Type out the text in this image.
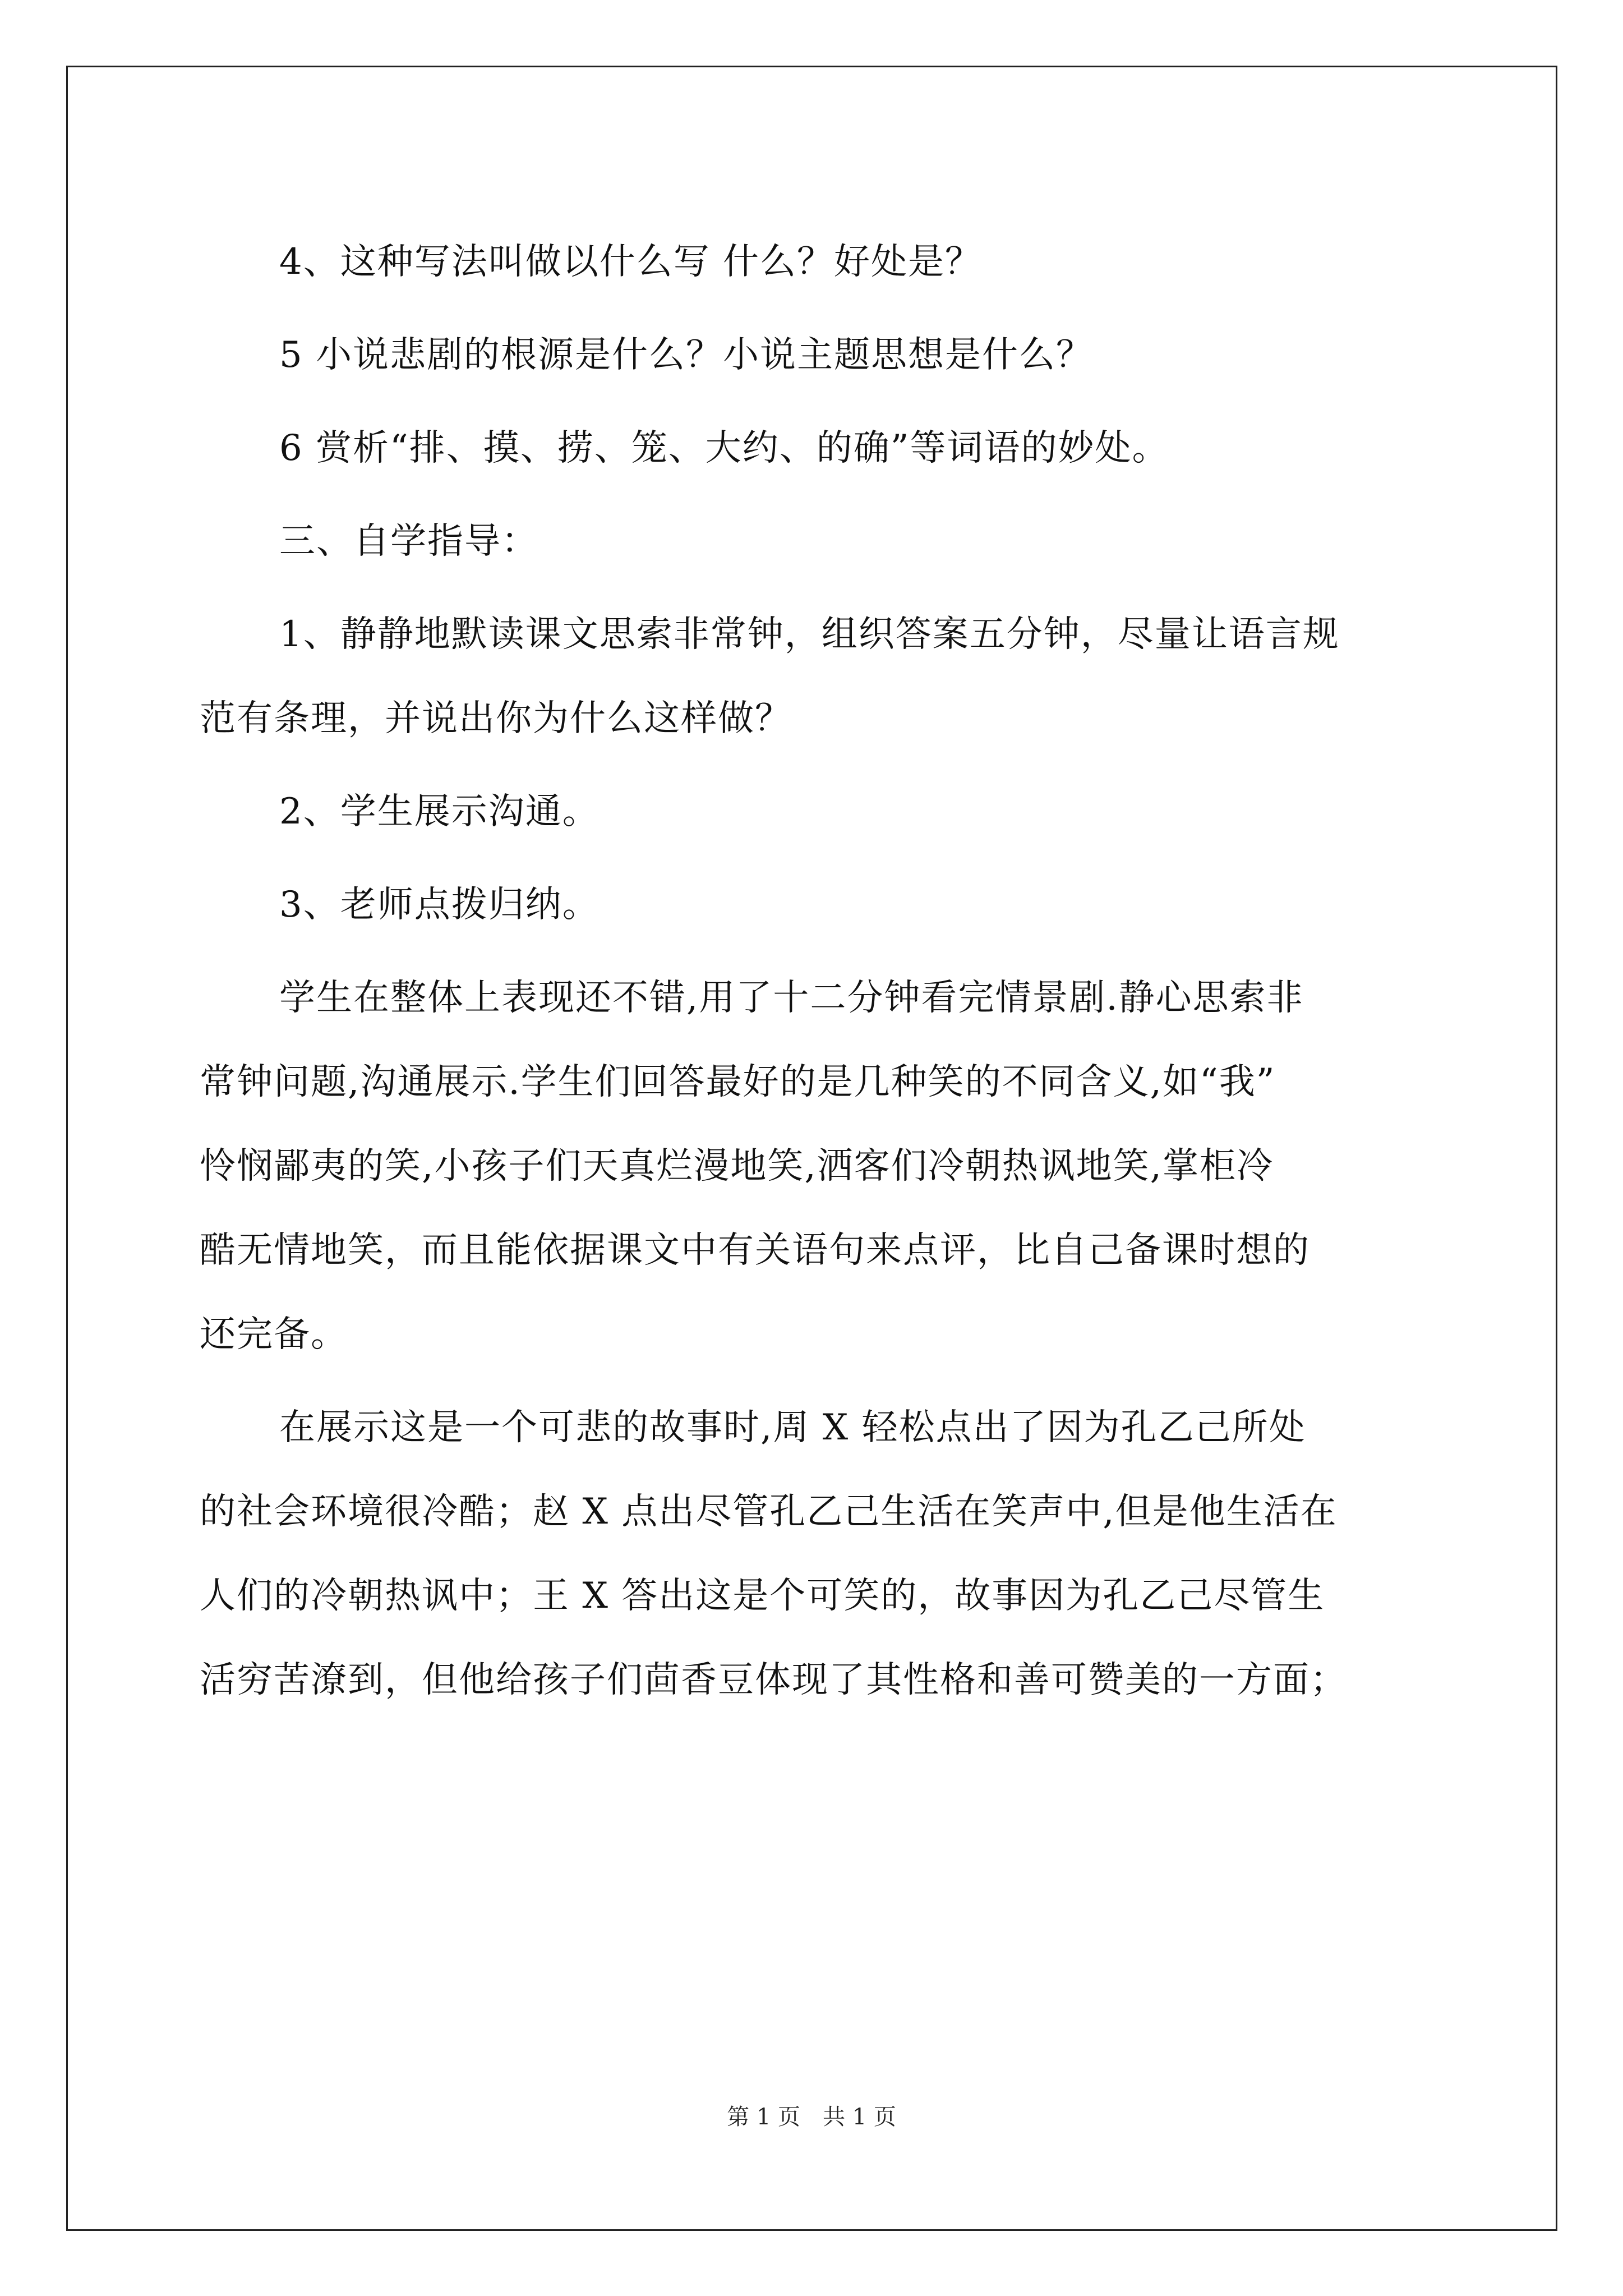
4、这种写法叫做以什么写 什么？好处是？
5 小说悲剧的根源是什么？小说主题思想是什么？
6 赏析“排、摸、捞、笼、大约、的确”等词语的妙处。
三、自学指导：
1、静静地默读课文思索非常钟，组织答案五分钟，尽量让语言规
范有条理，并说出你为什么这样做？
2、学生展示沟通。
3、老师点拨归纳。
学生在整体上表现还不错,用了十二分钟看完情景剧.静心思索非
常钟问题,沟通展示.学生们回答最好的是几种笑的不同含义,如“我”
怜悯鄙夷的笑,小孩子们天真烂漫地笑,洒客们冷朝热讽地笑,掌柜冷
酷无情地笑，而且能依据课文中有关语句来点评，比自己备课时想的
还完备。
在展示这是一个可悲的故事时,周 X 轻松点出了因为孔乙己所处
的社会环境很冷酷；赵 X 点出尽管孔乙己生活在笑声中,但是他生活在
人们的冷朝热讽中；王 X 答出这是个可笑的，故事因为孔乙己尽管生
活穷苦潦到，但他给孩子们茴香豆体现了其性格和善可赞美的一方面；
第 1 页　共 1 页
